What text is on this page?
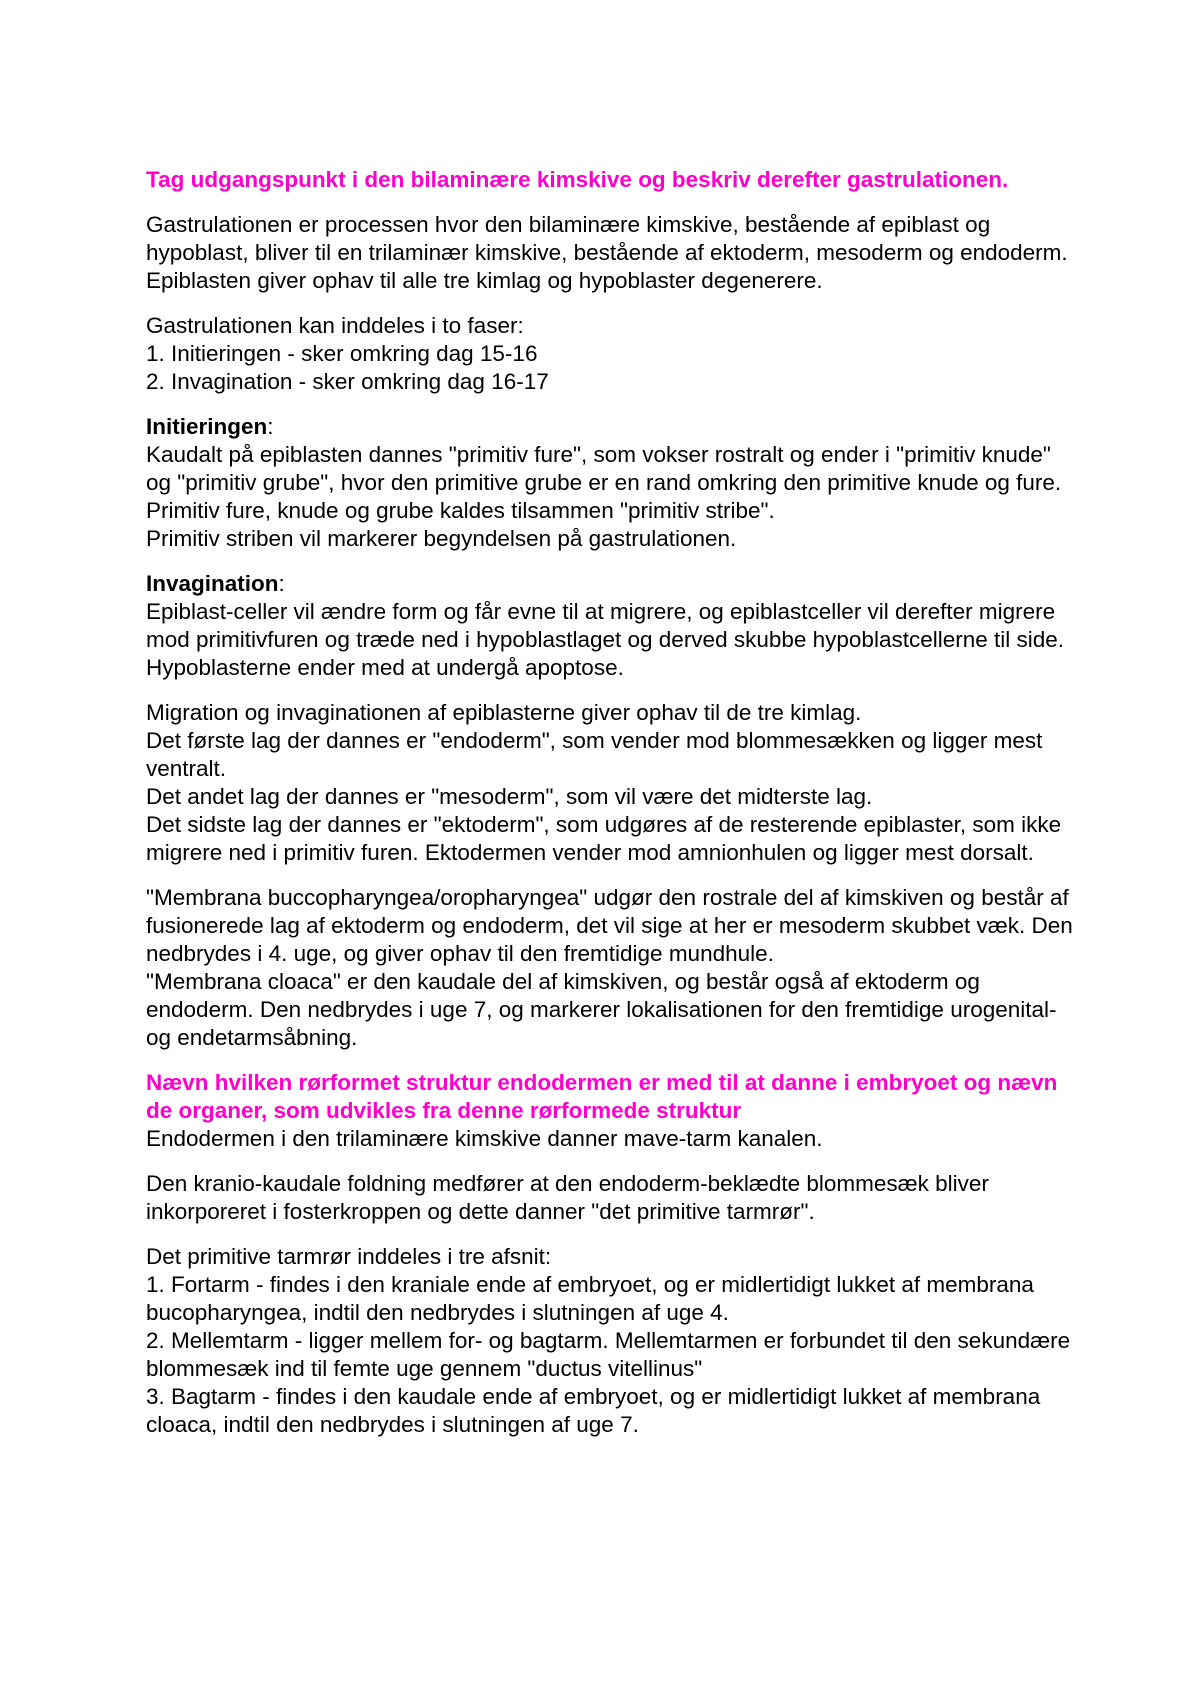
Tag udgangspunkt i den bilaminære kimskive og beskriv derefter gastrulationen.

Gastrulationen er processen hvor den bilaminære kimskive, bestående af epiblast og hypoblast, bliver til en trilaminær kimskive, bestående af ektoderm, mesoderm og endoderm.

Epiblasten giver ophav til alle tre kimlag og hypoblaster degenerere.

Gastrulationen kan inddeles i to faser:

1. Initieringen - sker omkring dag 15-16

2. Invagination - sker omkring dag 16-17

Initieringen:

Kaudalt på epiblasten dannes "primitiv fure", som vokser rostralt og ender i "primitiv knude" og "primitiv grube", hvor den primitive grube er en rand omkring den primitive knude og fure.

Primitiv fure, knude og grube kaldes tilsammen "primitiv stribe".

Primitiv striben vil markerer begyndelsen på gastrulationen.

Invagination:

Epiblast-celler vil ændre form og får evne til at migrere, og epiblastceller vil derefter migrere mod primitivfuren og træde ned i hypoblastlaget og derved skubbe hypoblastcellerne til side. Hypoblasterne ender med at undergå apoptose.

Migration og invaginationen af epiblasterne giver ophav til de tre kimlag.

Det første lag der dannes er "endoderm", som vender mod blommesækken og ligger mest ventralt.

Det andet lag der dannes er "mesoderm", som vil være det midterste lag.

Det sidste lag der dannes er "ektoderm", som udgøres af de resterende epiblaster, som ikke migrere ned i primitiv furen. Ektodermen vender mod amnionhulen og ligger mest dorsalt.

"Membrana buccopharyngea/oropharyngea" udgør den rostrale del af kimskiven og består af fusionerede lag af ektoderm og endoderm, det vil sige at her er mesoderm skubbet væk. Den nedbrydes i 4. uge, og giver ophav til den fremtidige mundhule.

"Membrana cloaca" er den kaudale del af kimskiven, og består også af ektoderm og endoderm. Den nedbrydes i uge 7, og markerer lokalisationen for den fremtidige urogenital- og endetarmsåbning.

Nævn hvilken rørformet struktur endodermen er med til at danne i embryoet og nævn de organer, som udvikles fra denne rørformede struktur

Endodermen i den trilaminære kimskive danner mave-tarm kanalen.

Den kranio-kaudale foldning medfører at den endoderm-beklædte blommesæk bliver inkorporeret i fosterkroppen og dette danner "det primitive tarmrør".

Det primitive tarmrør inddeles i tre afsnit:

1. Fortarm - findes i den kraniale ende af embryoet, og er midlertidigt lukket af membrana bucopharyngea, indtil den nedbrydes i slutningen af uge 4.

2. Mellemtarm - ligger mellem for- og bagtarm. Mellemtarmen er forbundet til den sekundære blommesæk ind til femte uge gennem "ductus vitellinus"

3. Bagtarm - findes i den kaudale ende af embryoet, og er midlertidigt lukket af membrana cloaca, indtil den nedbrydes i slutningen af uge 7.
